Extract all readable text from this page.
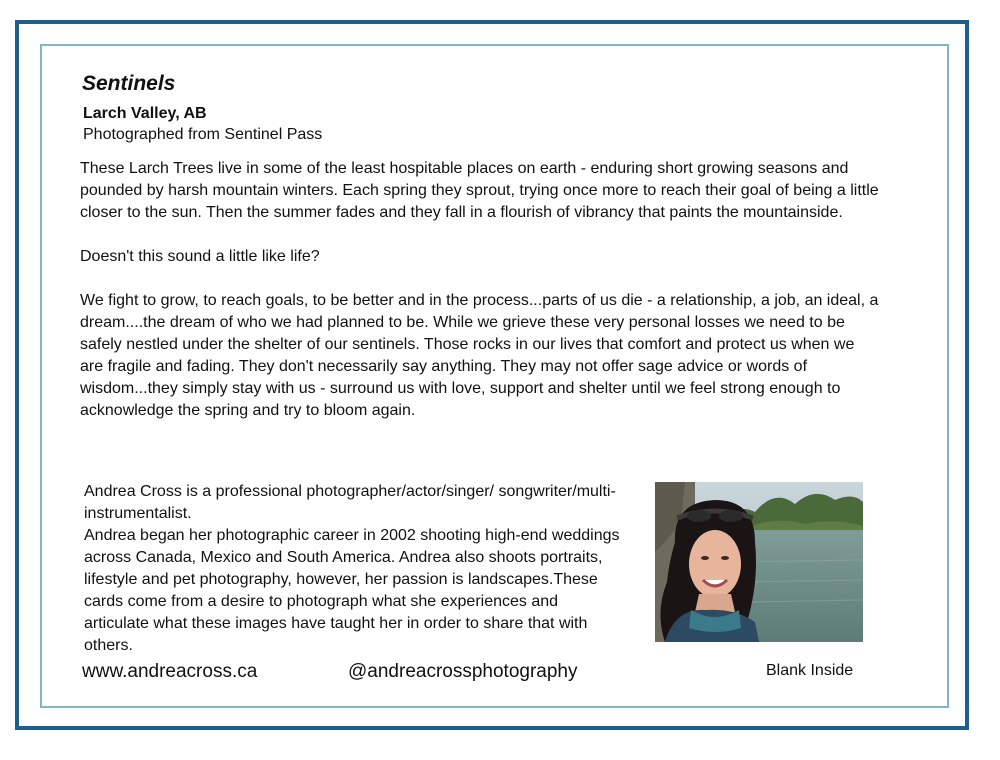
Sentinels
Larch Valley, AB
Photographed from Sentinel Pass

These Larch Trees live in some of the least hospitable places on earth - enduring short growing seasons and pounded by harsh mountain winters. Each spring they sprout, trying once more to reach their goal of being a little closer to the sun. Then the summer fades and they fall in a flourish of vibrancy that paints the mountainside.

Doesn't this sound a little like life?

We fight to grow, to reach goals, to be better and in the process...parts of us die - a relationship, a job, an ideal, a dream....the dream of who we had planned to be. While we grieve these very personal losses we need to be safely nestled under the shelter of our sentinels. Those rocks in our lives that comfort and protect us when we are fragile and fading. They don't necessarily say anything. They may not offer sage advice or words of wisdom...they simply stay with us - surround us with love, support and shelter until we feel strong enough to acknowledge the spring and try to bloom again.

Andrea Cross is a professional photographer/actor/singer/ songwriter/multi-instrumentalist.

Andrea began her photographic career in 2002 shooting high-end weddings across Canada, Mexico and South America. Andrea also shoots portraits, lifestyle and pet photography, however, her passion is landscapes.These cards come from a desire to photograph what she experiences and articulate what these images have taught her in order to share that with others.

www.andreacross.ca	@andreacrossphotography	Blank Inside
